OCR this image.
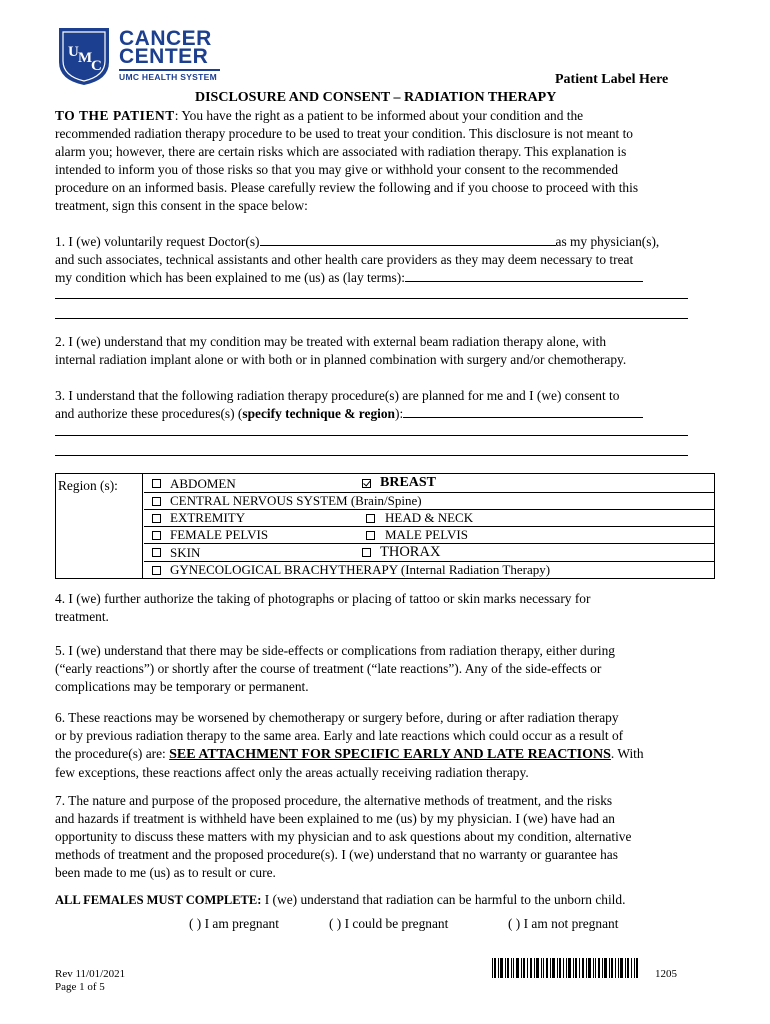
U M
C
CANCER
CENTER
UMC HEALTH SYSTEM	Patient Label Here
DISCLOSURE AND CONSENT – RADIATION THERAPY
TO THE PATIENT: You have the right as a patient to be informed about your condition and the
recommended radiation therapy procedure to be used to treat your condition. This disclosure is not meant to
alarm you; however, there are certain risks which are associated with radiation therapy. This explanation is
intended to inform you of those risks so that you may give or withhold your consent to the recommended
procedure on an informed basis. Please carefully review the following and if you choose to proceed with this
treatment, sign this consent in the space below:
1. I (we) voluntarily request Doctor(s)	as my physician(s),
and such associates, technical assistants and other health care providers as they may deem necessary to treat
my condition which has been explained to me (us) as (lay terms):
2. I (we) understand that my condition may be treated with external beam radiation therapy alone, with
internal radiation implant alone or with both or in planned combination with surgery and/or chemotherapy.
3. I understand that the following radiation therapy procedure(s) are planned for me and I (we) consent to
and authorize these procedures(s) (specify technique & region):
Region (s):	ABDOMEN	BREAST
CENTRAL NERVOUS SYSTEM (Brain/Spine)
EXTREMITY	HEAD & NECK
FEMALE PELVIS	MALE PELVIS
SKIN	THORAX
GYNECOLOGICAL BRACHYTHERAPY (Internal Radiation Therapy)
4. I (we) further authorize the taking of photographs or placing of tattoo or skin marks necessary for
treatment.
5. I (we) understand that there may be side-effects or complications from radiation therapy, either during
(“early reactions”) or shortly after the course of treatment (“late reactions”). Any of the side-effects or
complications may be temporary or permanent.
6. These reactions may be worsened by chemotherapy or surgery before, during or after radiation therapy
or by previous radiation therapy to the same area. Early and late reactions which could occur as a result of
the procedure(s) are: SEE ATTACHMENT FOR SPECIFIC EARLY AND LATE REACTIONS. With
few exceptions, these reactions affect only the areas actually receiving radiation therapy.
7. The nature and purpose of the proposed procedure, the alternative methods of treatment, and the risks
and hazards if treatment is withheld have been explained to me (us) by my physician. I (we) have had an
opportunity to discuss these matters with my physician and to ask questions about my condition, alternative
methods of treatment and the proposed procedure(s). I (we) understand that no warranty or guarantee has
been made to me (us) as to result or cure.
ALL FEMALES MUST COMPLETE: I (we) understand that radiation can be harmful to the unborn child.
( ) I am pregnant	( ) I could be pregnant	( ) I am not pregnant
Rev 11/01/2021
Page 1 of 5
1205
